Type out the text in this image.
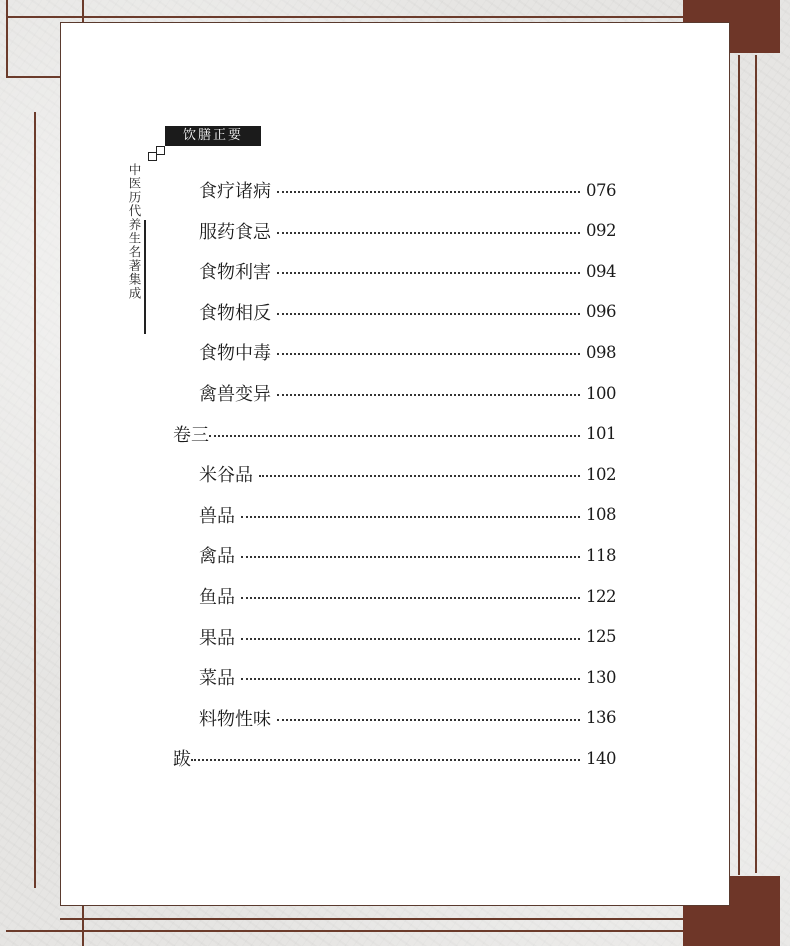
饮膳正要
中医历代养生名著集成	食疗诸病	076
服药食忌	092
食物利害	094
食物相反	096
食物中毒	098
禽兽变异	100
卷三	101
米谷品	102
兽品	108
禽品	118
鱼品	122
果品	125
菜品	130
料物性味	136
跋	140
